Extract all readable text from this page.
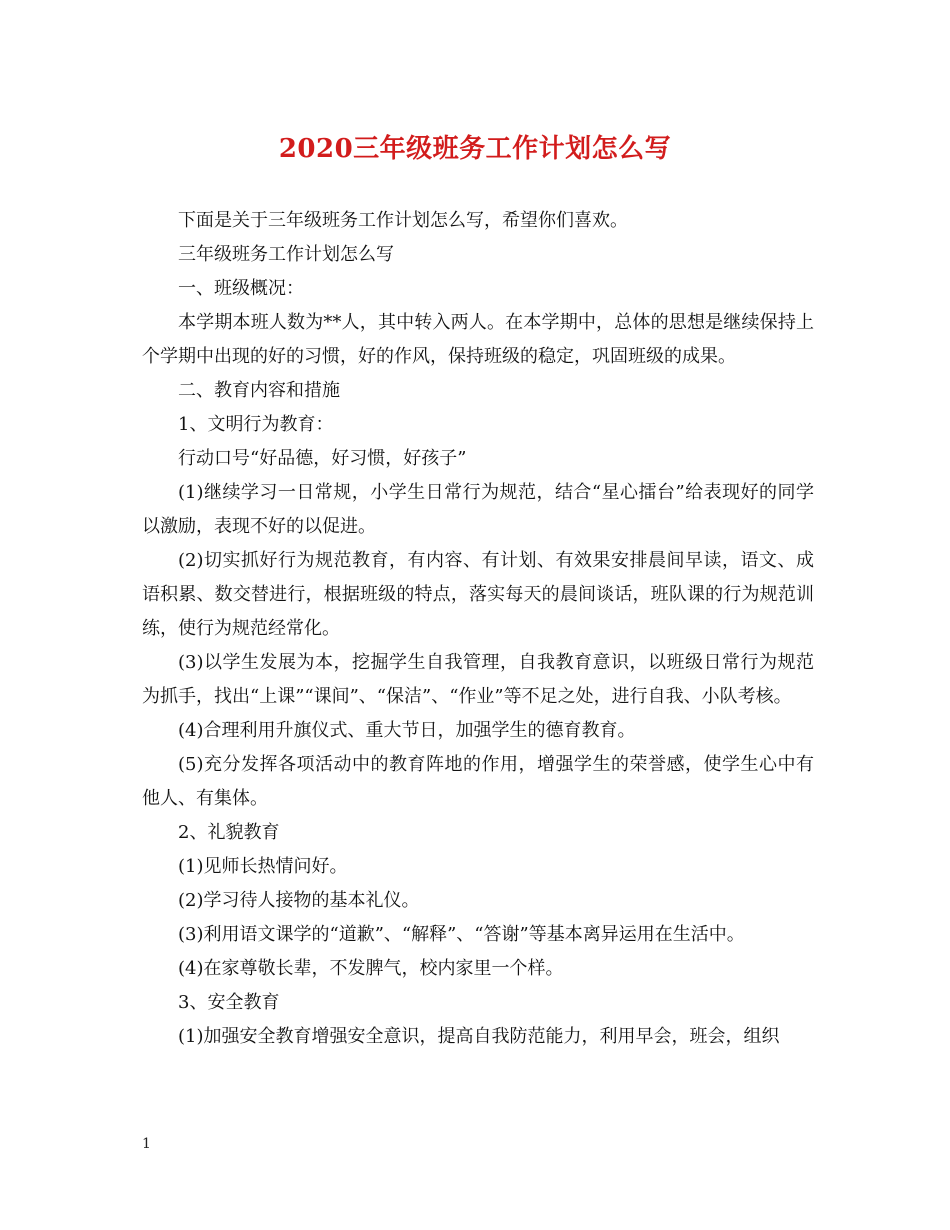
2020三年级班务工作计划怎么写

下面是关于三年级班务工作计划怎么写，希望你们喜欢。

三年级班务工作计划怎么写

一、班级概况：

本学期本班人数为**人，其中转入两人。在本学期中，总体的思想是继续保持上个学期中出现的好的习惯，好的作风，保持班级的稳定，巩固班级的成果。

二、教育内容和措施

1、文明行为教育：

行动口号“好品德，好习惯，好孩子”

(1)继续学习一日常规，小学生日常行为规范，结合“星心擂台”给表现好的同学以激励，表现不好的以促进。

(2)切实抓好行为规范教育，有内容、有计划、有效果安排晨间早读，语文、成语积累、数交替进行，根据班级的特点，落实每天的晨间谈话，班队课的行为规范训练，使行为规范经常化。

(3)以学生发展为本，挖掘学生自我管理，自我教育意识，以班级日常行为规范为抓手，找出“上课”“课间”、“保洁”、“作业”等不足之处，进行自我、小队考核。

(4)合理利用升旗仪式、重大节日，加强学生的德育教育。

(5)充分发挥各项活动中的教育阵地的作用，增强学生的荣誉感，使学生心中有他人、有集体。

2、礼貌教育

(1)见师长热情问好。

(2)学习待人接物的基本礼仪。

(3)利用语文课学的“道歉”、“解释”、“答谢”等基本离异运用在生活中。

(4)在家尊敬长辈，不发脾气，校内家里一个样。

3、安全教育

(1)加强安全教育增强安全意识，提高自我防范能力，利用早会，班会，组织

1
